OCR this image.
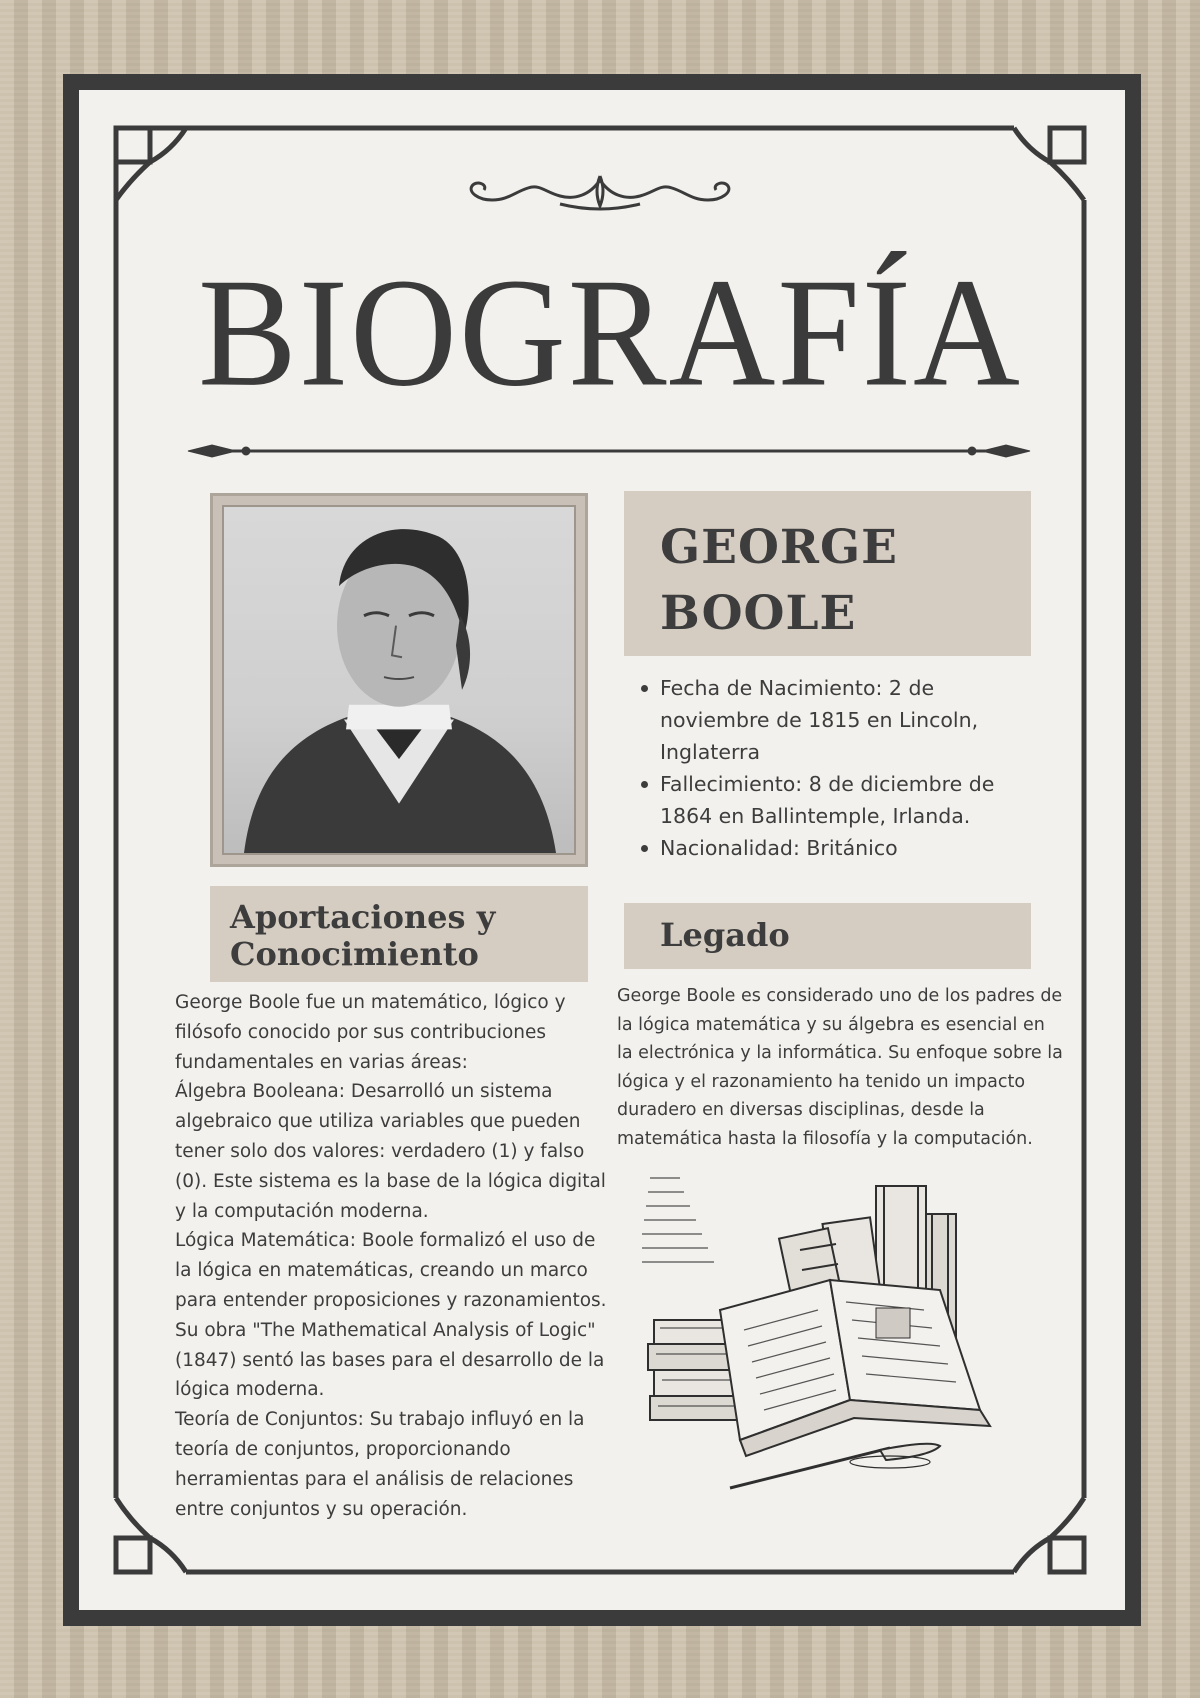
BIOGRAFÍA
GEORGE
BOOLE
Fecha de Nacimiento: 2 de noviembre de 1815 en Lincoln, Inglaterra
Fallecimiento: 8 de diciembre de 1864 en Ballintemple, Irlanda.
Nacionalidad: Británico
Aportaciones y
Conocimiento

George Boole fue un matemático, lógico y filósofo conocido por sus contribuciones fundamentales en varias áreas:

Álgebra Booleana: Desarrolló un sistema algebraico que utiliza variables que pueden tener solo dos valores: verdadero (1) y falso (0). Este sistema es la base de la lógica digital y la computación moderna.

Lógica Matemática: Boole formalizó el uso de la lógica en matemáticas, creando un marco para entender proposiciones y razonamientos. Su obra "The Mathematical Analysis of Logic" (1847) sentó las bases para el desarrollo de la lógica moderna.

Teoría de Conjuntos: Su trabajo influyó en la teoría de conjuntos, proporcionando herramientas para el análisis de relaciones entre conjuntos y su operación.

Legado

George Boole es considerado uno de los padres de la lógica matemática y su álgebra es esencial en la electrónica y la informática. Su enfoque sobre la lógica y el razonamiento ha tenido un impacto duradero en diversas disciplinas, desde la matemática hasta la filosofía y la computación.
